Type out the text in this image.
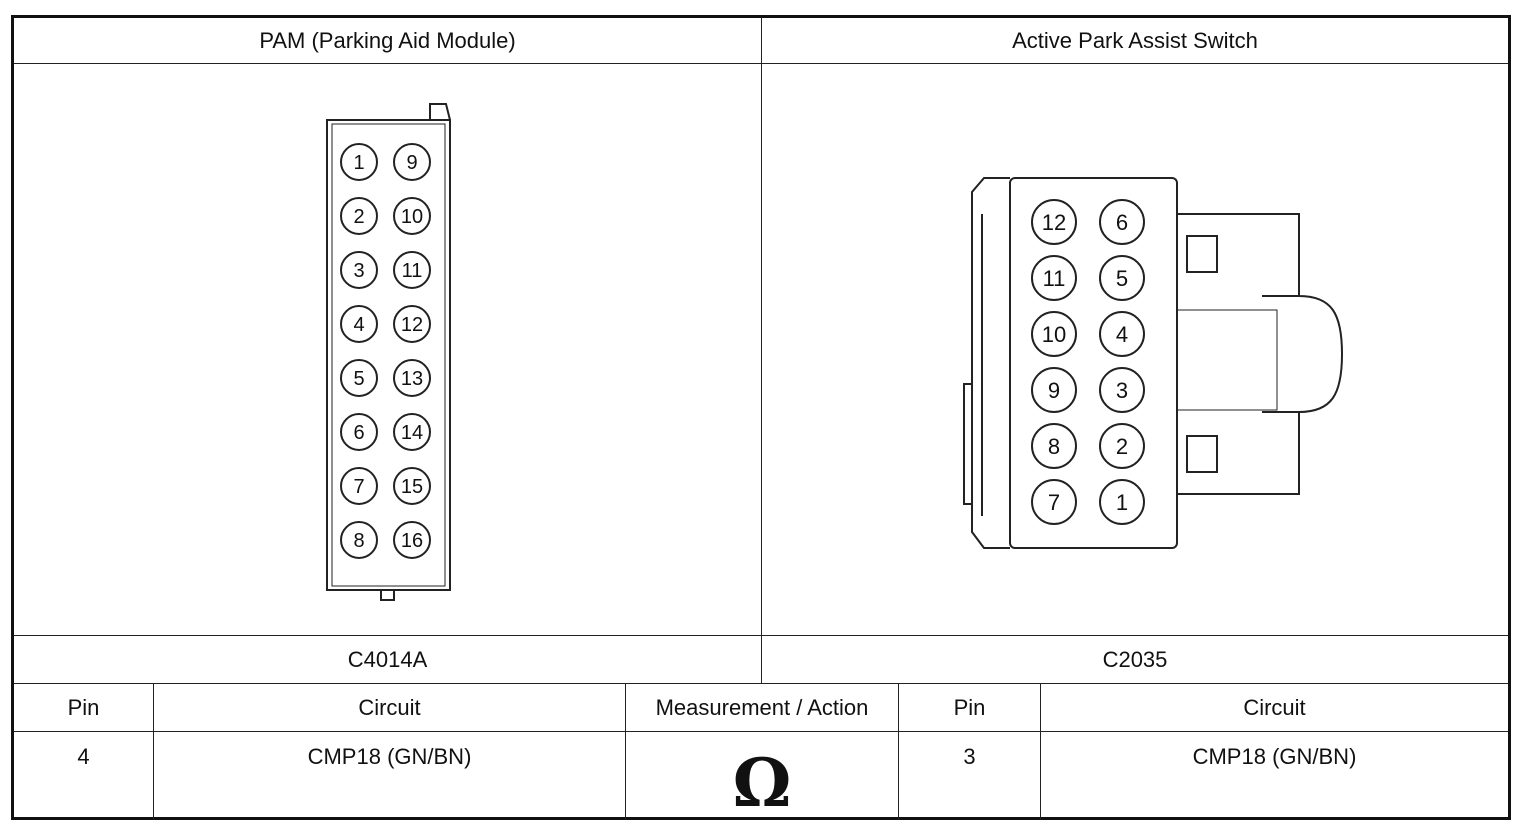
PAM (Parking Aid Module)	Active Park Assist Switch
1
2
3
4
5
6
7
8
9
10
11
12
13
14
15
16
12
11
10
9
8
7
6
5
4
3
2
1
C4014A	C2035
Pin	Circuit	Measurement / Action	Pin	Circuit
4	CMP18 (GN/BN)	Ω	3	CMP18 (GN/BN)
